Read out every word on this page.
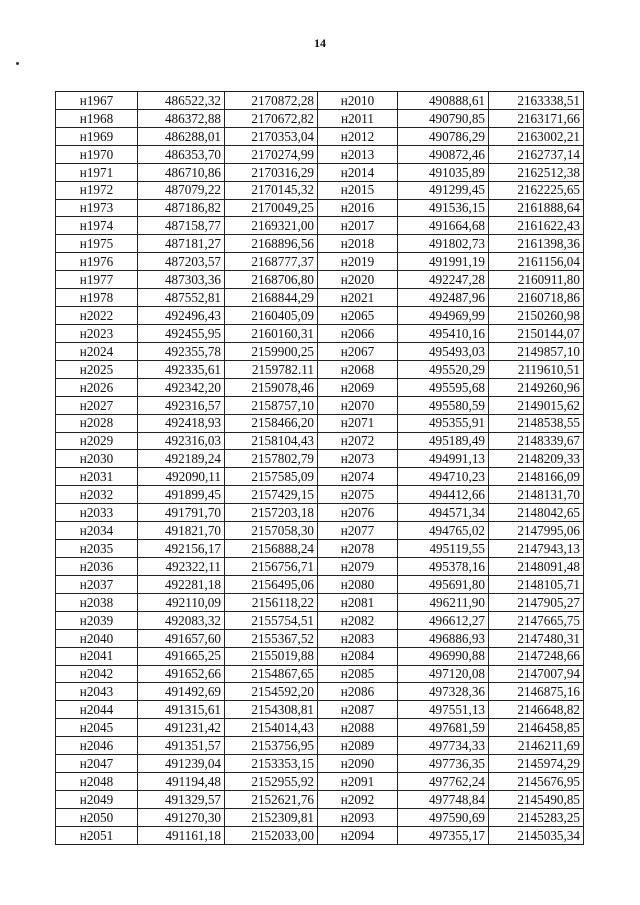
14
н1967	486522,32	2170872,28	н2010	490888,61	2163338,51
н1968	486372,88	2170672,82	н2011	490790,85	2163171,66
н1969	486288,01	2170353,04	н2012	490786,29	2163002,21
н1970	486353,70	2170274,99	н2013	490872,46	2162737,14
н1971	486710,86	2170316,29	н2014	491035,89	2162512,38
н1972	487079,22	2170145,32	н2015	491299,45	2162225,65
н1973	487186,82	2170049,25	н2016	491536,15	2161888,64
н1974	487158,77	2169321,00	н2017	491664,68	2161622,43
н1975	487181,27	2168896,56	н2018	491802,73	2161398,36
н1976	487203,57	2168777,37	н2019	491991,19	2161156,04
н1977	487303,36	2168706,80	н2020	492247,28	2160911,80
н1978	487552,81	2168844,29	н2021	492487,96	2160718,86
н2022	492496,43	2160405,09	н2065	494969,99	2150260,98
н2023	492455,95	2160160,31	н2066	495410,16	2150144,07
н2024	492355,78	2159900,25	н2067	495493,03	2149857,10
н2025	492335,61	2159782.11	н2068	495520,29	2119610,51
н2026	492342,20	2159078,46	н2069	495595,68	2149260,96
н2027	492316,57	2158757,10	н2070	495580,59	2149015,62
н2028	492418,93	2158466,20	н2071	495355,91	2148538,55
н2029	492316,03	2158104,43	н2072	495189,49	2148339,67
н2030	492189,24	2157802,79	н2073	494991,13	2148209,33
н2031	492090,11	2157585,09	н2074	494710,23	2148166,09
н2032	491899,45	2157429,15	н2075	494412,66	2148131,70
н2033	491791,70	2157203,18	н2076	494571,34	2148042,65
н2034	491821,70	2157058,30	н2077	494765,02	2147995,06
н2035	492156,17	2156888,24	н2078	495119,55	2147943,13
н2036	492322,11	2156756,71	н2079	495378,16	2148091,48
н2037	492281,18	2156495,06	н2080	495691,80	2148105,71
н2038	492110,09	2156118,22	н2081	496211,90	2147905,27
н2039	492083,32	2155754,51	н2082	496612,27	2147665,75
н2040	491657,60	2155367,52	н2083	496886,93	2147480,31
н2041	491665,25	2155019,88	н2084	496990,88	2147248,66
н2042	491652,66	2154867,65	н2085	497120,08	2147007,94
н2043	491492,69	2154592,20	н2086	497328,36	2146875,16
н2044	491315,61	2154308,81	н2087	497551,13	2146648,82
н2045	491231,42	2154014,43	н2088	497681,59	2146458,85
н2046	491351,57	2153756,95	н2089	497734,33	2146211,69
н2047	491239,04	2153353,15	н2090	497736,35	2145974,29
н2048	491194,48	2152955,92	н2091	497762,24	2145676,95
н2049	491329,57	2152621,76	н2092	497748,84	2145490,85
н2050	491270,30	2152309,81	н2093	497590,69	2145283,25
н2051	491161,18	2152033,00	н2094	497355,17	2145035,34
